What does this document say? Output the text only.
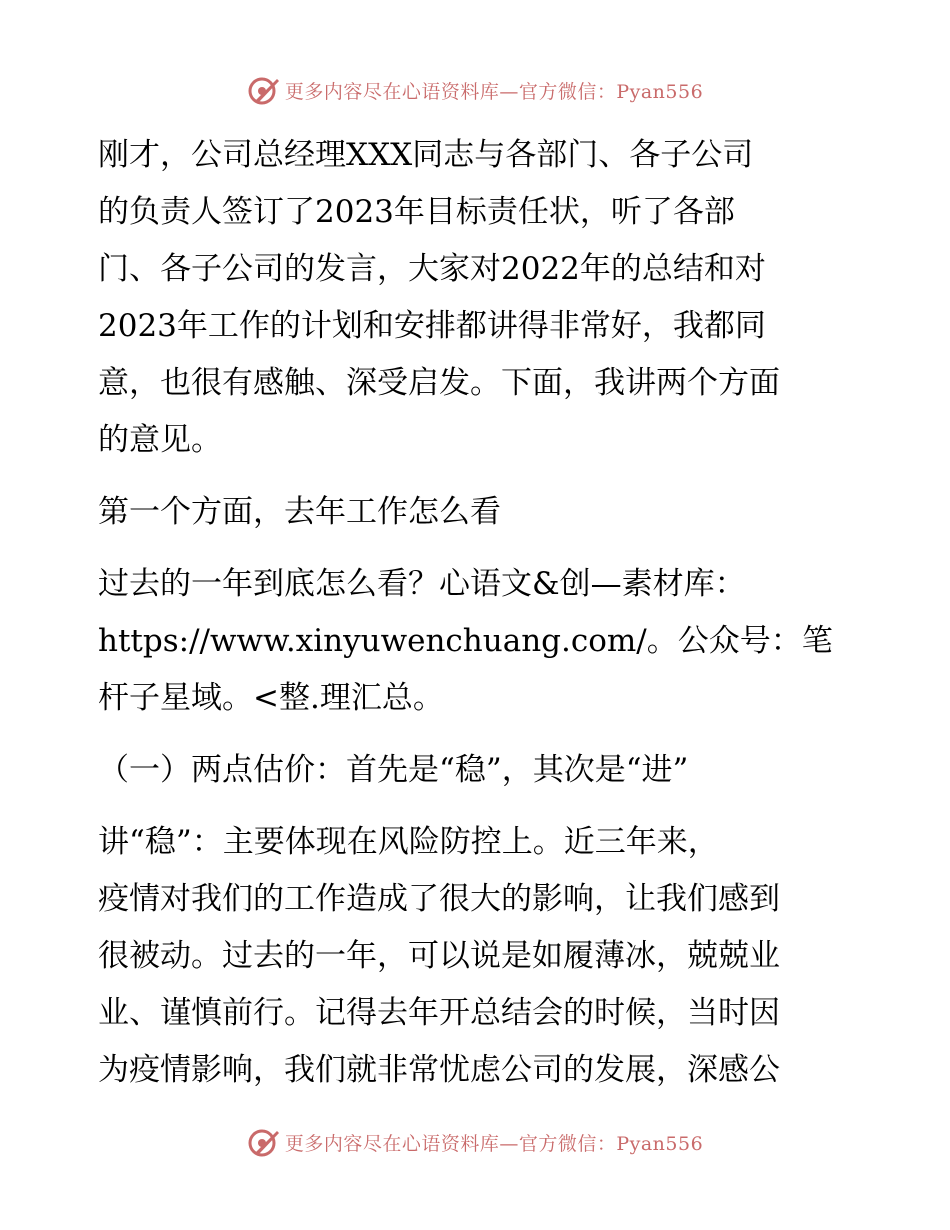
更多内容尽在心语资料库—官方微信：Pyan556
刚才，公司总经理XXX同志与各部门、各子公司
的负责人签订了2023年目标责任状，听了各部
门、各子公司的发言，大家对2022年的总结和对
2023年工作的计划和安排都讲得非常好，我都同
意，也很有感触、深受启发。下面，我讲两个方面
的意见。
第一个方面，去年工作怎么看
过去的一年到底怎么看？心语文&创—素材库：
https://www.xinyuwenchuang.com/。公众号：笔
杆子星域。<整.理汇总。
（一）两点估价：首先是“稳”，其次是“进”
讲“稳”：主要体现在风险防控上。近三年来，
疫情对我们的工作造成了很大的影响，让我们感到
很被动。过去的一年，可以说是如履薄冰，兢兢业
业、谨慎前行。记得去年开总结会的时候，当时因
为疫情影响，我们就非常忧虑公司的发展，深感公
更多内容尽在心语资料库—官方微信：Pyan556
